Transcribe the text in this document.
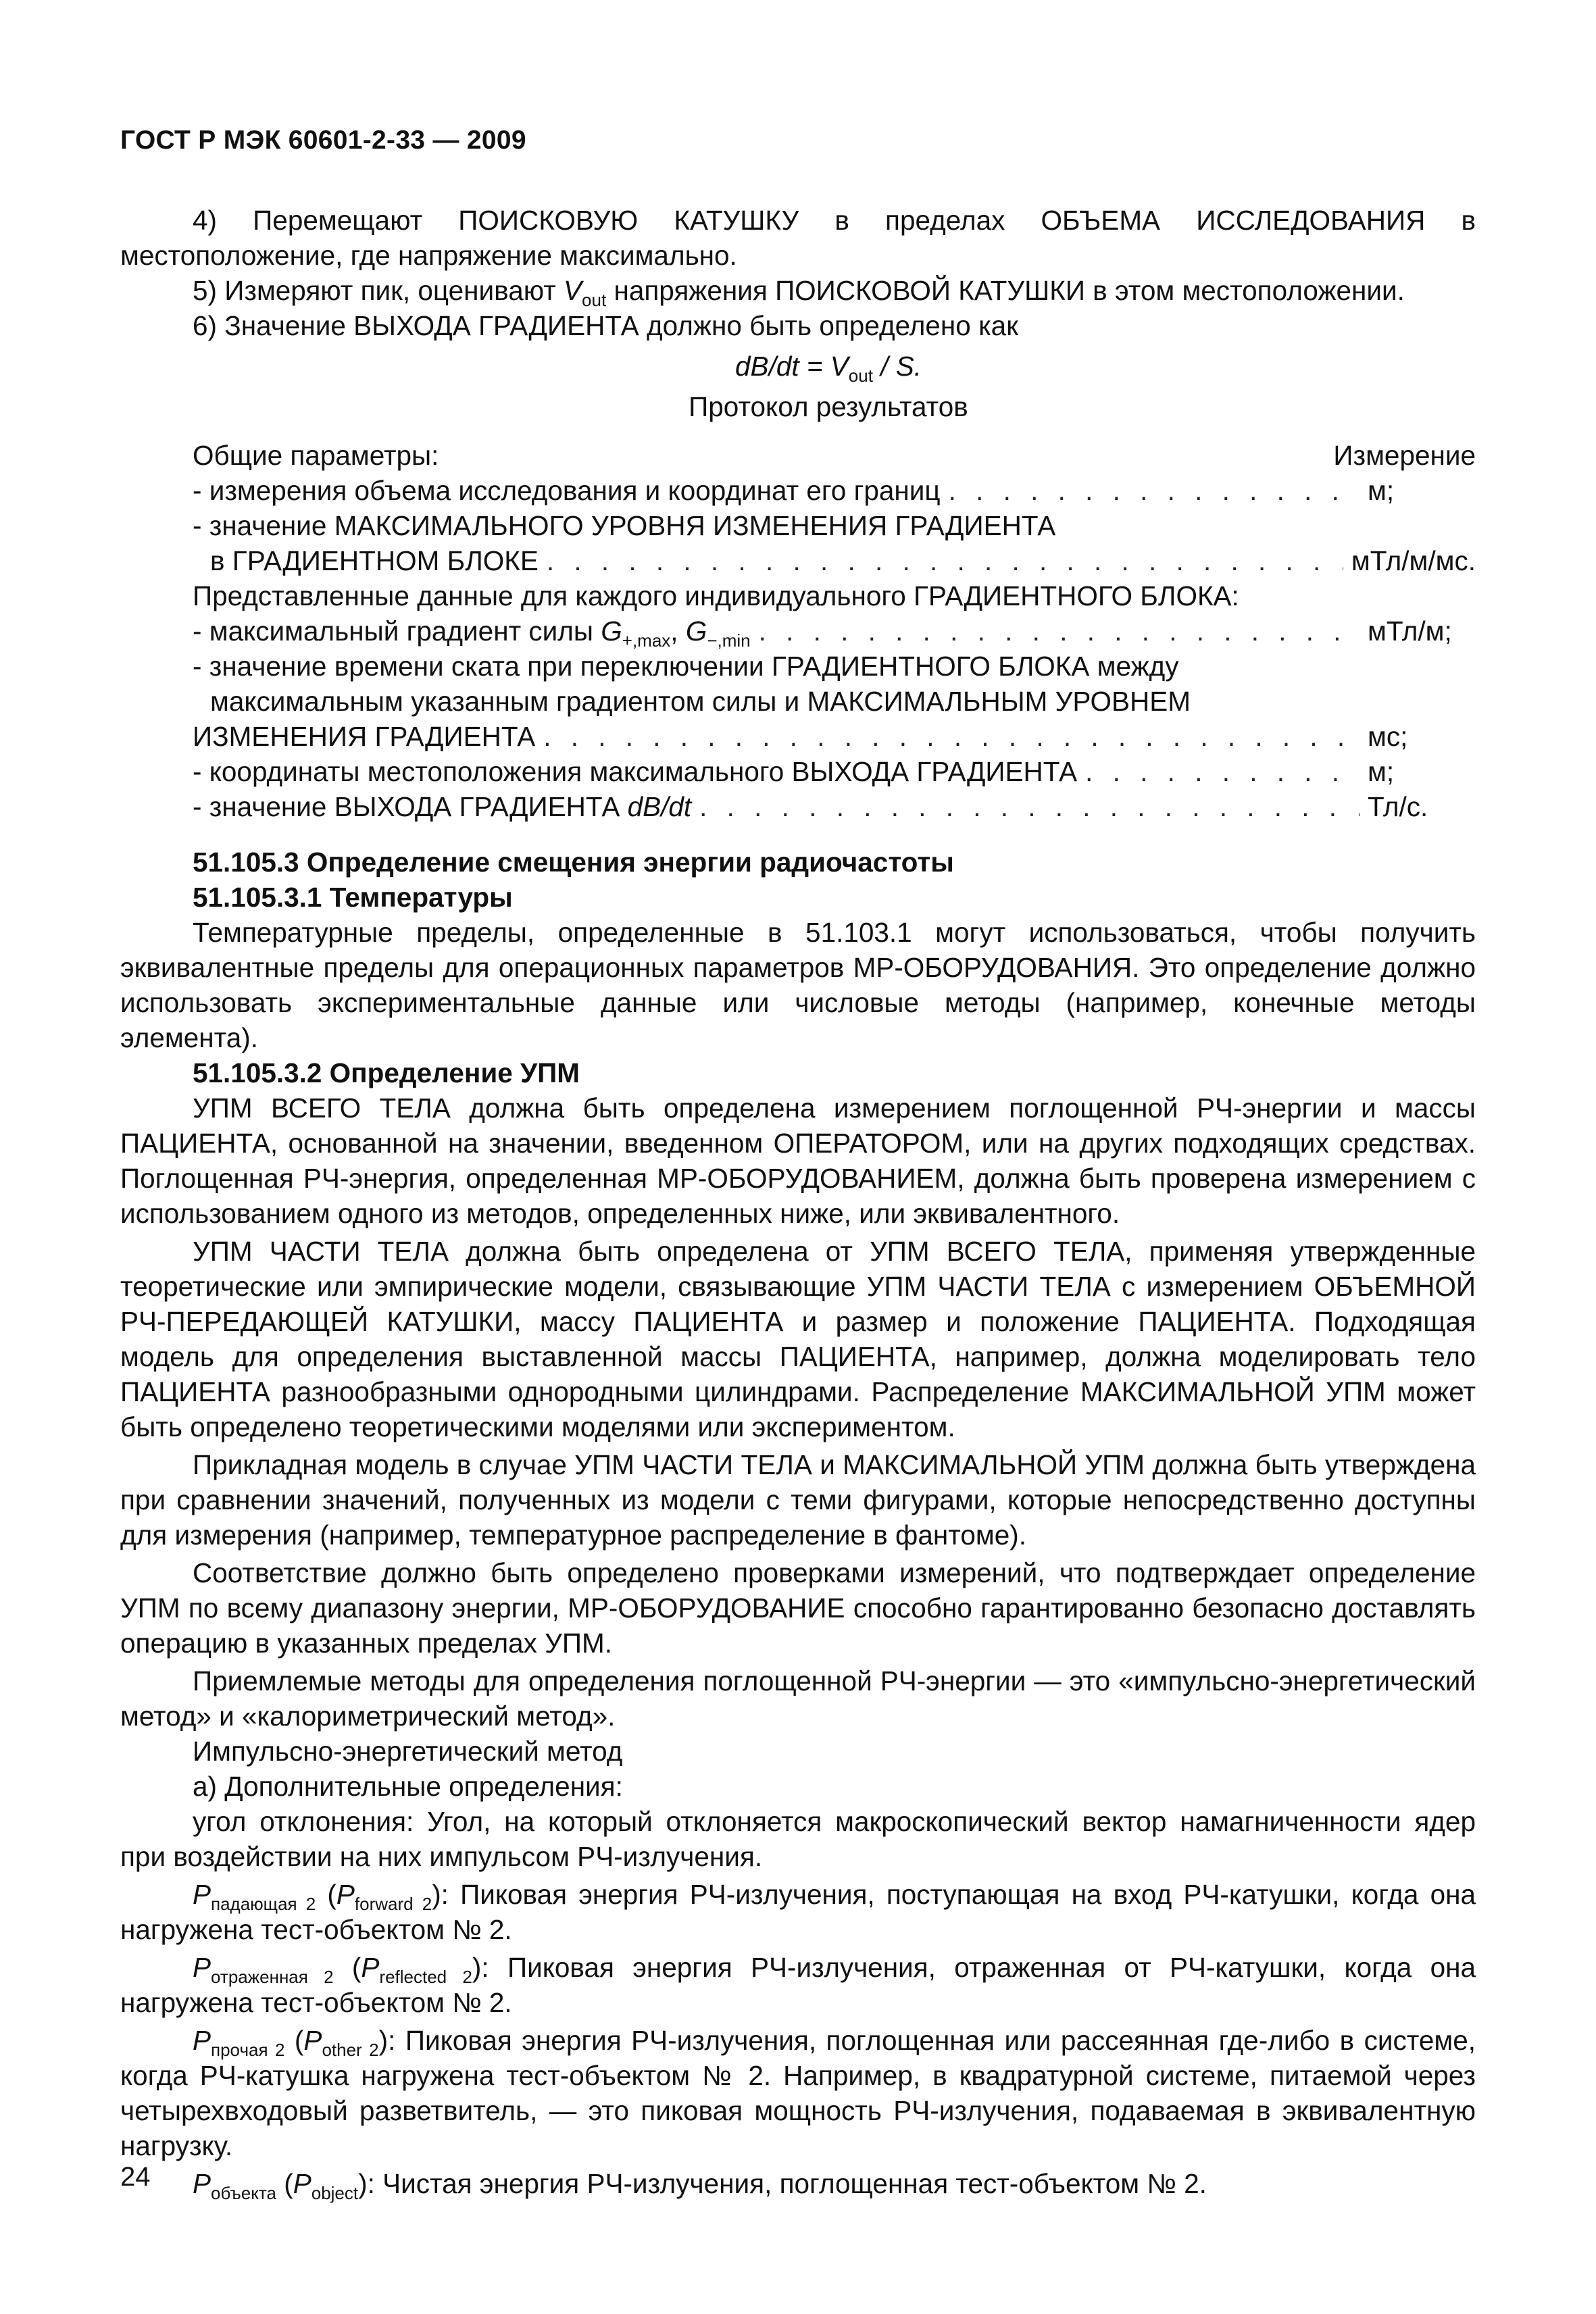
ГОСТ Р МЭК 60601-2-33 — 2009

4) Перемещают ПОИСКОВУЮ КАТУШКУ в пределах ОБЪЕМА ИССЛЕДОВАНИЯ в местоположение, где напряжение максимально.

5) Измеряют пик, оценивают $V_{out}$ напряжения ПОИСКОВОЙ КАТУШКИ в этом местоположении.

6) Значение ВЫХОДА ГРАДИЕНТА должно быть определено как

$dB/dt = V_{out} / S$.

Протокол результатов

Общие параметры:	Измерение
- измерения объема исследования и координат его границ . . .	м;
- значение МАКСИМАЛЬНОГО УРОВНЯ ИЗМЕНЕНИЯ ГРАДИЕНТА
в ГРАДИЕНТНОМ БЛОКЕ . . .	мТл/м/мс.
Представленные данные для каждого индивидуального ГРАДИЕНТНОГО БЛОКА:
- максимальный градиент силы $G_{+,max}$, $G_{-,min}$ . . .	мТл/м;
- значение времени ската при переключении ГРАДИЕНТНОГО БЛОКА между
максимальным указанным градиентом силы и МАКСИМАЛЬНЫМ УРОВНЕМ
ИЗМЕНЕНИЯ ГРАДИЕНТА . . .	мс;
- координаты местоположения максимального ВЫХОДА ГРАДИЕНТА . . .	м;
- значение ВЫХОДА ГРАДИЕНТА dB/dt . . .	Тл/с.

51.105.3 Определение смещения энергии радиочастоты

51.105.3.1 Температуры

Температурные пределы, определенные в 51.103.1 могут использоваться, чтобы получить эквивалентные пределы для операционных параметров МР-ОБОРУДОВАНИЯ. Это определение должно использовать экспериментальные данные или числовые методы (например, конечные методы элемента).

51.105.3.2 Определение УПМ

УПМ ВСЕГО ТЕЛА должна быть определена измерением поглощенной РЧ-энергии и массы ПАЦИЕНТА, основанной на значении, введенном ОПЕРАТОРОМ, или на других подходящих средствах. Поглощенная РЧ-энергия, определенная МР-ОБОРУДОВАНИЕМ, должна быть проверена измерением с использованием одного из методов, определенных ниже, или эквивалентного.

УПМ ЧАСТИ ТЕЛА должна быть определена от УПМ ВСЕГО ТЕЛА, применяя утвержденные теоретические или эмпирические модели, связывающие УПМ ЧАСТИ ТЕЛА с измерением ОБЪЕМНОЙ РЧ-ПЕРЕДАЮЩЕЙ КАТУШКИ, массу ПАЦИЕНТА и размер и положение ПАЦИЕНТА. Подходящая модель для определения выставленной массы ПАЦИЕНТА, например, должна моделировать тело ПАЦИЕНТА разнообразными однородными цилиндрами. Распределение МАКСИМАЛЬНОЙ УПМ может быть определено теоретическими моделями или экспериментом.

Прикладная модель в случае УПМ ЧАСТИ ТЕЛА и МАКСИМАЛЬНОЙ УПМ должна быть утверждена при сравнении значений, полученных из модели с теми фигурами, которые непосредственно доступны для измерения (например, температурное распределение в фантоме).

Соответствие должно быть определено проверками измерений, что подтверждает определение УПМ по всему диапазону энергии, МР-ОБОРУДОВАНИЕ способно гарантированно безопасно доставлять операцию в указанных пределах УПМ.

Приемлемые методы для определения поглощенной РЧ-энергии — это «импульсно-энергетический метод» и «калориметрический метод».

Импульсно-энергетический метод

а) Дополнительные определения:

угол отклонения: Угол, на который отклоняется макроскопический вектор намагниченности ядер при воздействии на них импульсом РЧ-излучения.

$P_{падающая 2}$ $(P_{forward 2})$: Пиковая энергия РЧ-излучения, поступающая на вход РЧ-катушки, когда она нагружена тест-объектом № 2.

$P_{отраженная 2}$ $(P_{reflected 2})$: Пиковая энергия РЧ-излучения, отраженная от РЧ-катушки, когда она нагружена тест-объектом № 2.

$P_{прочая 2}$ $(P_{other 2})$: Пиковая энергия РЧ-излучения, поглощенная или рассеянная где-либо в системе, когда РЧ-катушка нагружена тест-объектом № 2. Например, в квадратурной системе, питаемой через четырехвходовый разветвитель, — это пиковая мощность РЧ-излучения, подаваемая в эквивалентную нагрузку.

$P_{объекта}$ $(P_{object})$: Чистая энергия РЧ-излучения, поглощенная тест-объектом № 2.

24
